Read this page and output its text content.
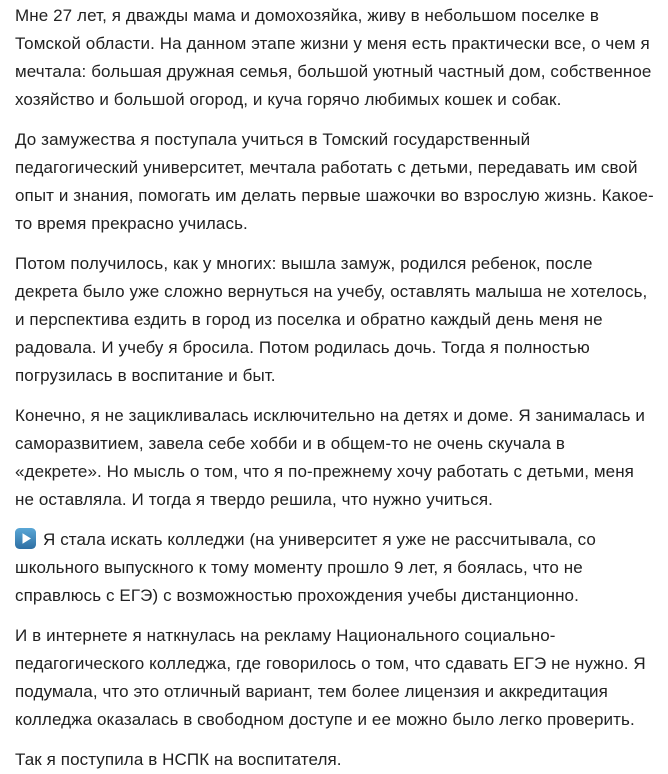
Мне 27 лет, я дважды мама и домохозяйка, живу в небольшом поселке в Томской области. На данном этапе жизни у меня есть практически все, о чем я мечтала: большая дружная семья, большой уютный частный дом, собственное хозяйство и большой огород, и куча горячо любимых кошек и собак.

До замужества я поступала учиться в Томский государственный педагогический университет, мечтала работать с детьми, передавать им свой опыт и знания, помогать им делать первые шажочки во взрослую жизнь. Какое-то время прекрасно училась.

Потом получилось, как у многих: вышла замуж, родился ребенок, после декрета было уже сложно вернуться на учебу, оставлять малыша не хотелось, и перспектива ездить в город из поселка и обратно каждый день меня не радовала. И учебу я бросила. Потом родилась дочь. Тогда я полностью погрузилась в воспитание и быт.

Конечно, я не зацикливалась исключительно на детях и доме. Я занималась и саморазвитием, завела себе хобби и в общем-то не очень скучала в «декрете». Но мысль о том, что я по-прежнему хочу работать с детьми, меня не оставляла. И тогда я твердо решила, что нужно учиться.

Я стала искать колледжи (на университет я уже не рассчитывала, со школьного выпускного к тому моменту прошло 9 лет, я боялась, что не справлюсь с ЕГЭ) с возможностью прохождения учебы дистанционно.

И в интернете я наткнулась на рекламу Национального социально-педагогического колледжа, где говорилось о том, что сдавать ЕГЭ не нужно. Я подумала, что это отличный вариант, тем более лицензия и аккредитация колледжа оказалась в свободном доступе и ее можно было легко проверить.

Так я поступила в НСПК на воспитателя.
